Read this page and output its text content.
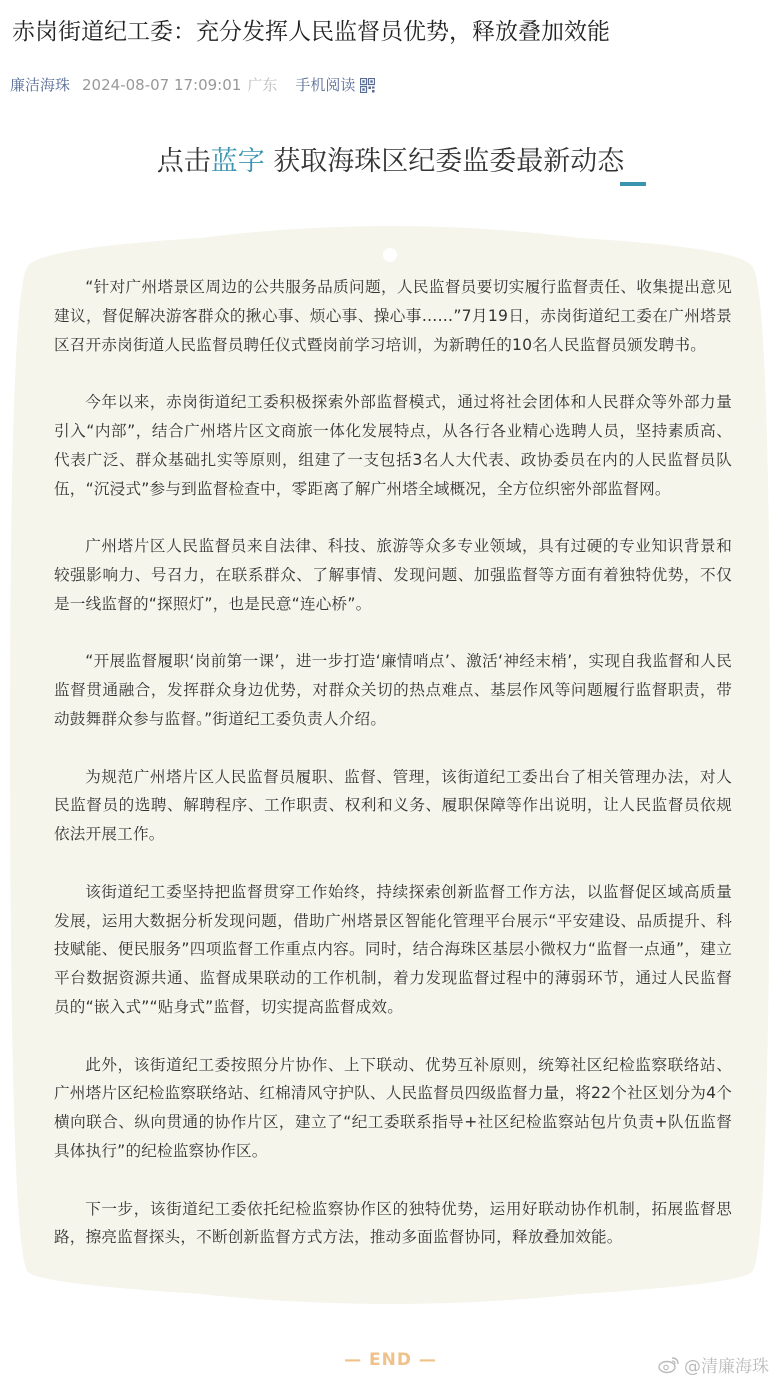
赤岗街道纪工委：充分发挥人民监督员优势，释放叠加效能
廉洁海珠 2024-08-07 17:09:01 广东 手机阅读
点击蓝字 获取海珠区纪委监委最新动态

“针对广州塔景区周边的公共服务品质问题，人民监督员要切实履行监督责任、收集提出意见建议，督促解决游客群众的揪心事、烦心事、操心事……”7月19日，赤岗街道纪工委在广州塔景区召开赤岗街道人民监督员聘任仪式暨岗前学习培训，为新聘任的10名人民监督员颁发聘书。

今年以来，赤岗街道纪工委积极探索外部监督模式，通过将社会团体和人民群众等外部力量引入“内部”，结合广州塔片区文商旅一体化发展特点，从各行各业精心选聘人员，坚持素质高、代表广泛、群众基础扎实等原则，组建了一支包括3名人大代表、政协委员在内的人民监督员队伍，“沉浸式”参与到监督检查中，零距离了解广州塔全域概况，全方位织密外部监督网。

广州塔片区人民监督员来自法律、科技、旅游等众多专业领域，具有过硬的专业知识背景和较强影响力、号召力，在联系群众、了解事情、发现问题、加强监督等方面有着独特优势，不仅是一线监督的“探照灯”，也是民意“连心桥”。

“开展监督履职‘岗前第一课’，进一步打造‘廉情哨点’、激活‘神经末梢’，实现自我监督和人民监督贯通融合，发挥群众身边优势，对群众关切的热点难点、基层作风等问题履行监督职责，带动鼓舞群众参与监督。”街道纪工委负责人介绍。

为规范广州塔片区人民监督员履职、监督、管理，该街道纪工委出台了相关管理办法，对人民监督员的选聘、解聘程序、工作职责、权利和义务、履职保障等作出说明，让人民监督员依规依法开展工作。

该街道纪工委坚持把监督贯穿工作始终，持续探索创新监督工作方法，以监督促区域高质量发展，运用大数据分析发现问题，借助广州塔景区智能化管理平台展示“平安建设、品质提升、科技赋能、便民服务”四项监督工作重点内容。同时，结合海珠区基层小微权力“监督一点通”，建立平台数据资源共通、监督成果联动的工作机制，着力发现监督过程中的薄弱环节，通过人民监督员的“嵌入式”“贴身式”监督，切实提高监督成效。

此外，该街道纪工委按照分片协作、上下联动、优势互补原则，统筹社区纪检监察联络站、广州塔片区纪检监察联络站、红棉清风守护队、人民监督员四级监督力量，将22个社区划分为4个横向联合、纵向贯通的协作片区，建立了“纪工委联系指导+社区纪检监察站包片负责+队伍监督具体执行”的纪检监察协作区。

下一步，该街道纪工委依托纪检监察协作区的独特优势，运用好联动协作机制，拓展监督思路，擦亮监督探头，不断创新监督方式方法，推动多面监督协同，释放叠加效能。

— END —	@清廉海珠
